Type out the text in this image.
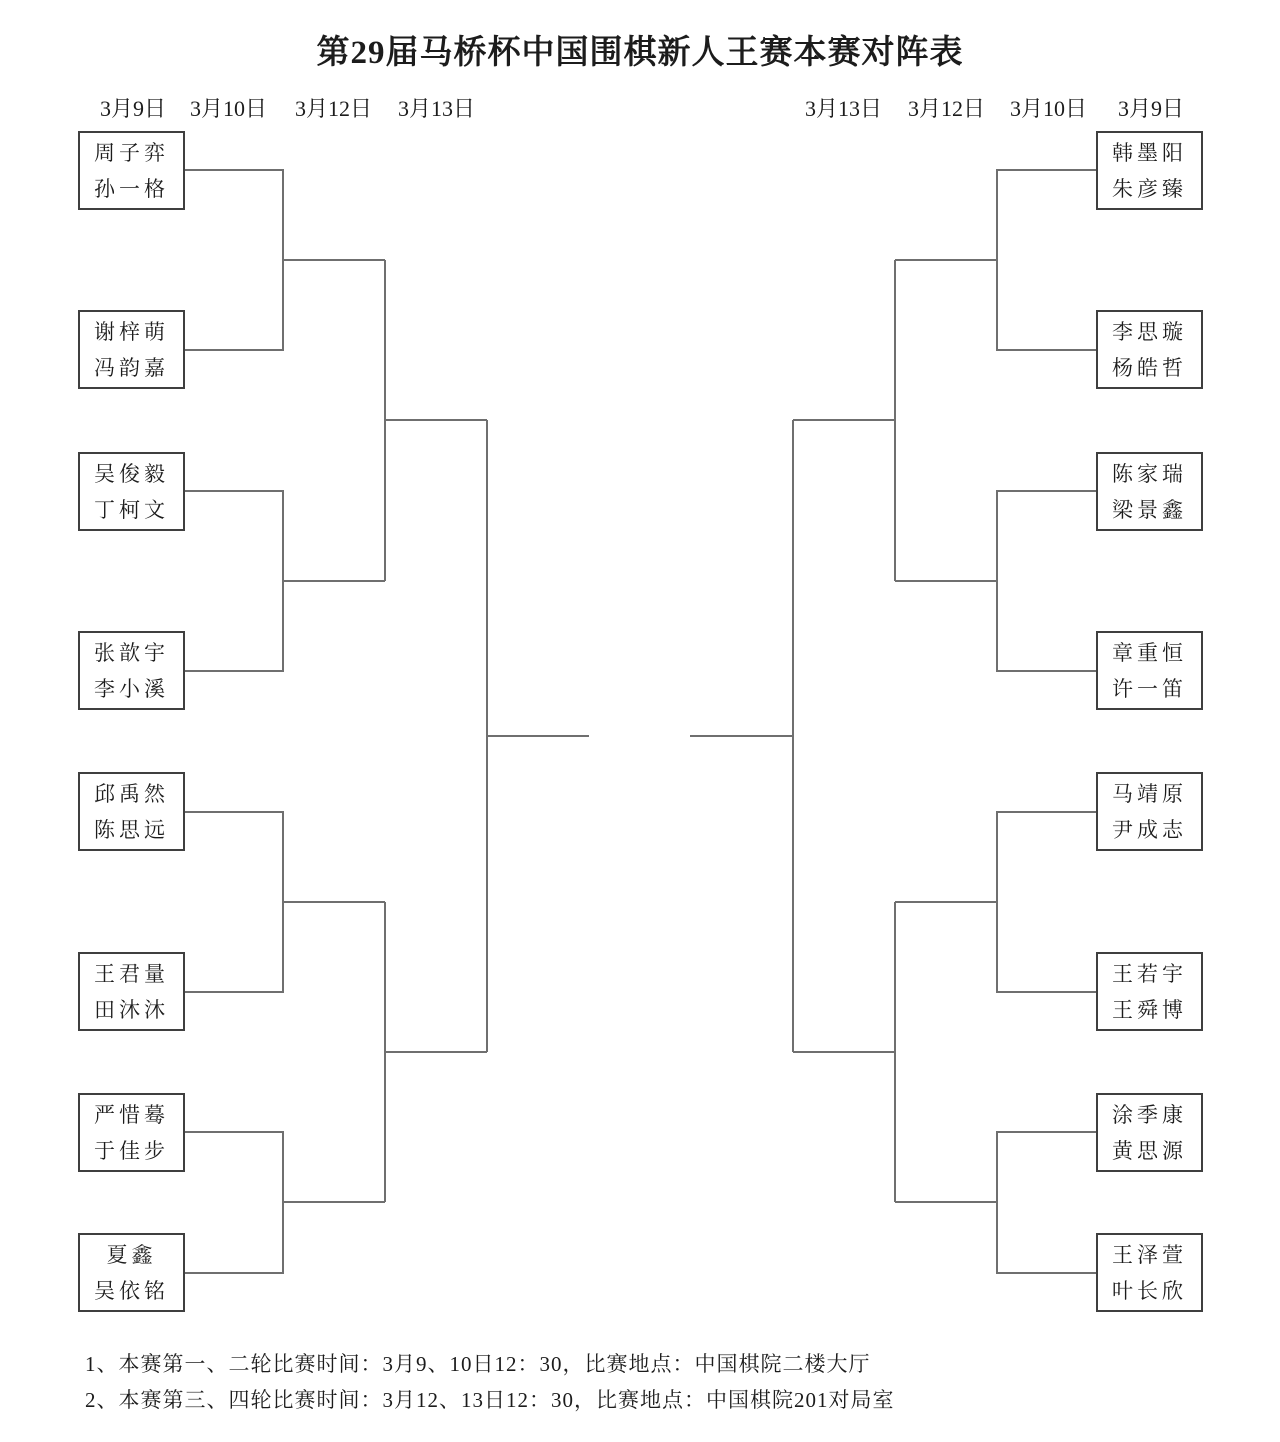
第29届马桥杯中国围棋新人王赛本赛对阵表
3月9日 3月10日 3月12日 3月13日	3月13日 3月12日 3月10日 3月9日
周子弈
孙一格
谢梓萌
冯韵嘉
吴俊毅
丁柯文
张歆宇
李小溪
邱禹然
陈思远
王君量
田沐沐
严惜蓦
于佳步
夏鑫
吴依铭
韩墨阳
朱彦臻
李思璇
杨皓哲
陈家瑞
梁景鑫
章重恒
许一笛
马靖原
尹成志
王若宇
王舜博
涂季康
黄思源
王泽萱
叶长欣
1、本赛第一、二轮比赛时间：3月9、10日12：30，比赛地点：中国棋院二楼大厅
2、本赛第三、四轮比赛时间：3月12、13日12：30，比赛地点：中国棋院201对局室
